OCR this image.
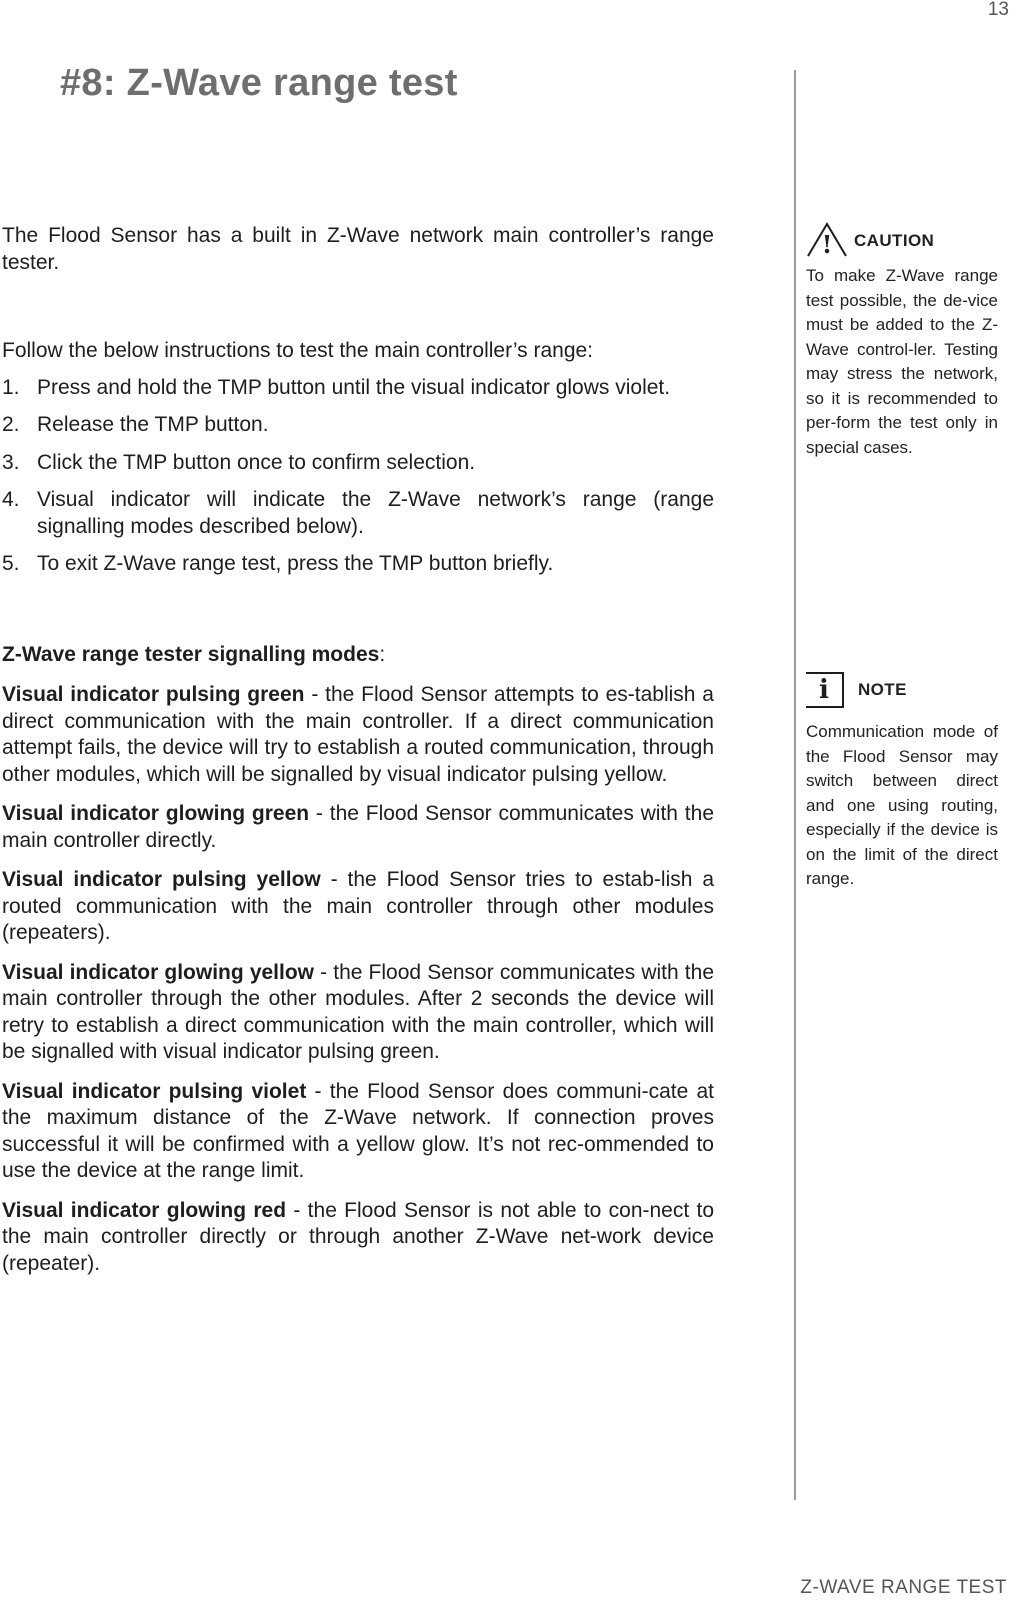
13
#8: Z-Wave range test

The Flood Sensor has a built in Z-Wave network main controller’s range tester.

Follow the below instructions to test the main controller’s range:

1. Press and hold the TMP button until the visual indicator glows violet.
2. Release the TMP button.
3. Click the TMP button once to confirm selection.
4. Visual indicator will indicate the Z-Wave network’s range (range signalling modes described below).
5. To exit Z-Wave range test, press the TMP button briefly.

Z-Wave range tester signalling modes:

Visual indicator pulsing green - the Flood Sensor attempts to es-tablish a direct communication with the main controller. If a direct communication attempt fails, the device will try to establish a routed communication, through other modules, which will be signalled by visual indicator pulsing yellow.

Visual indicator glowing green - the Flood Sensor communicates with the main controller directly.

Visual indicator pulsing yellow - the Flood Sensor tries to estab-lish a routed communication with the main controller through other modules (repeaters).

Visual indicator glowing yellow - the Flood Sensor communicates with the main controller through the other modules. After 2 seconds the device will retry to establish a direct communication with the main controller, which will be signalled with visual indicator pulsing green.

Visual indicator pulsing violet - the Flood Sensor does communi-cate at the maximum distance of the Z-Wave network. If connection proves successful it will be confirmed with a yellow glow. It’s not rec-ommended to use the device at the range limit.

Visual indicator glowing red - the Flood Sensor is not able to con-nect to the main controller directly or through another Z-Wave net-work device (repeater).

! CAUTION
To make Z-Wave range test possible, the de-vice must be added to the Z-Wave control-ler. Testing may stress the network, so it is recommended to per-form the test only in special cases.
i	NOTE
Communication mode of the Flood Sensor may switch between direct and one using routing, especially if the device is on the limit of the direct range.
Z-WAVE RANGE TEST
